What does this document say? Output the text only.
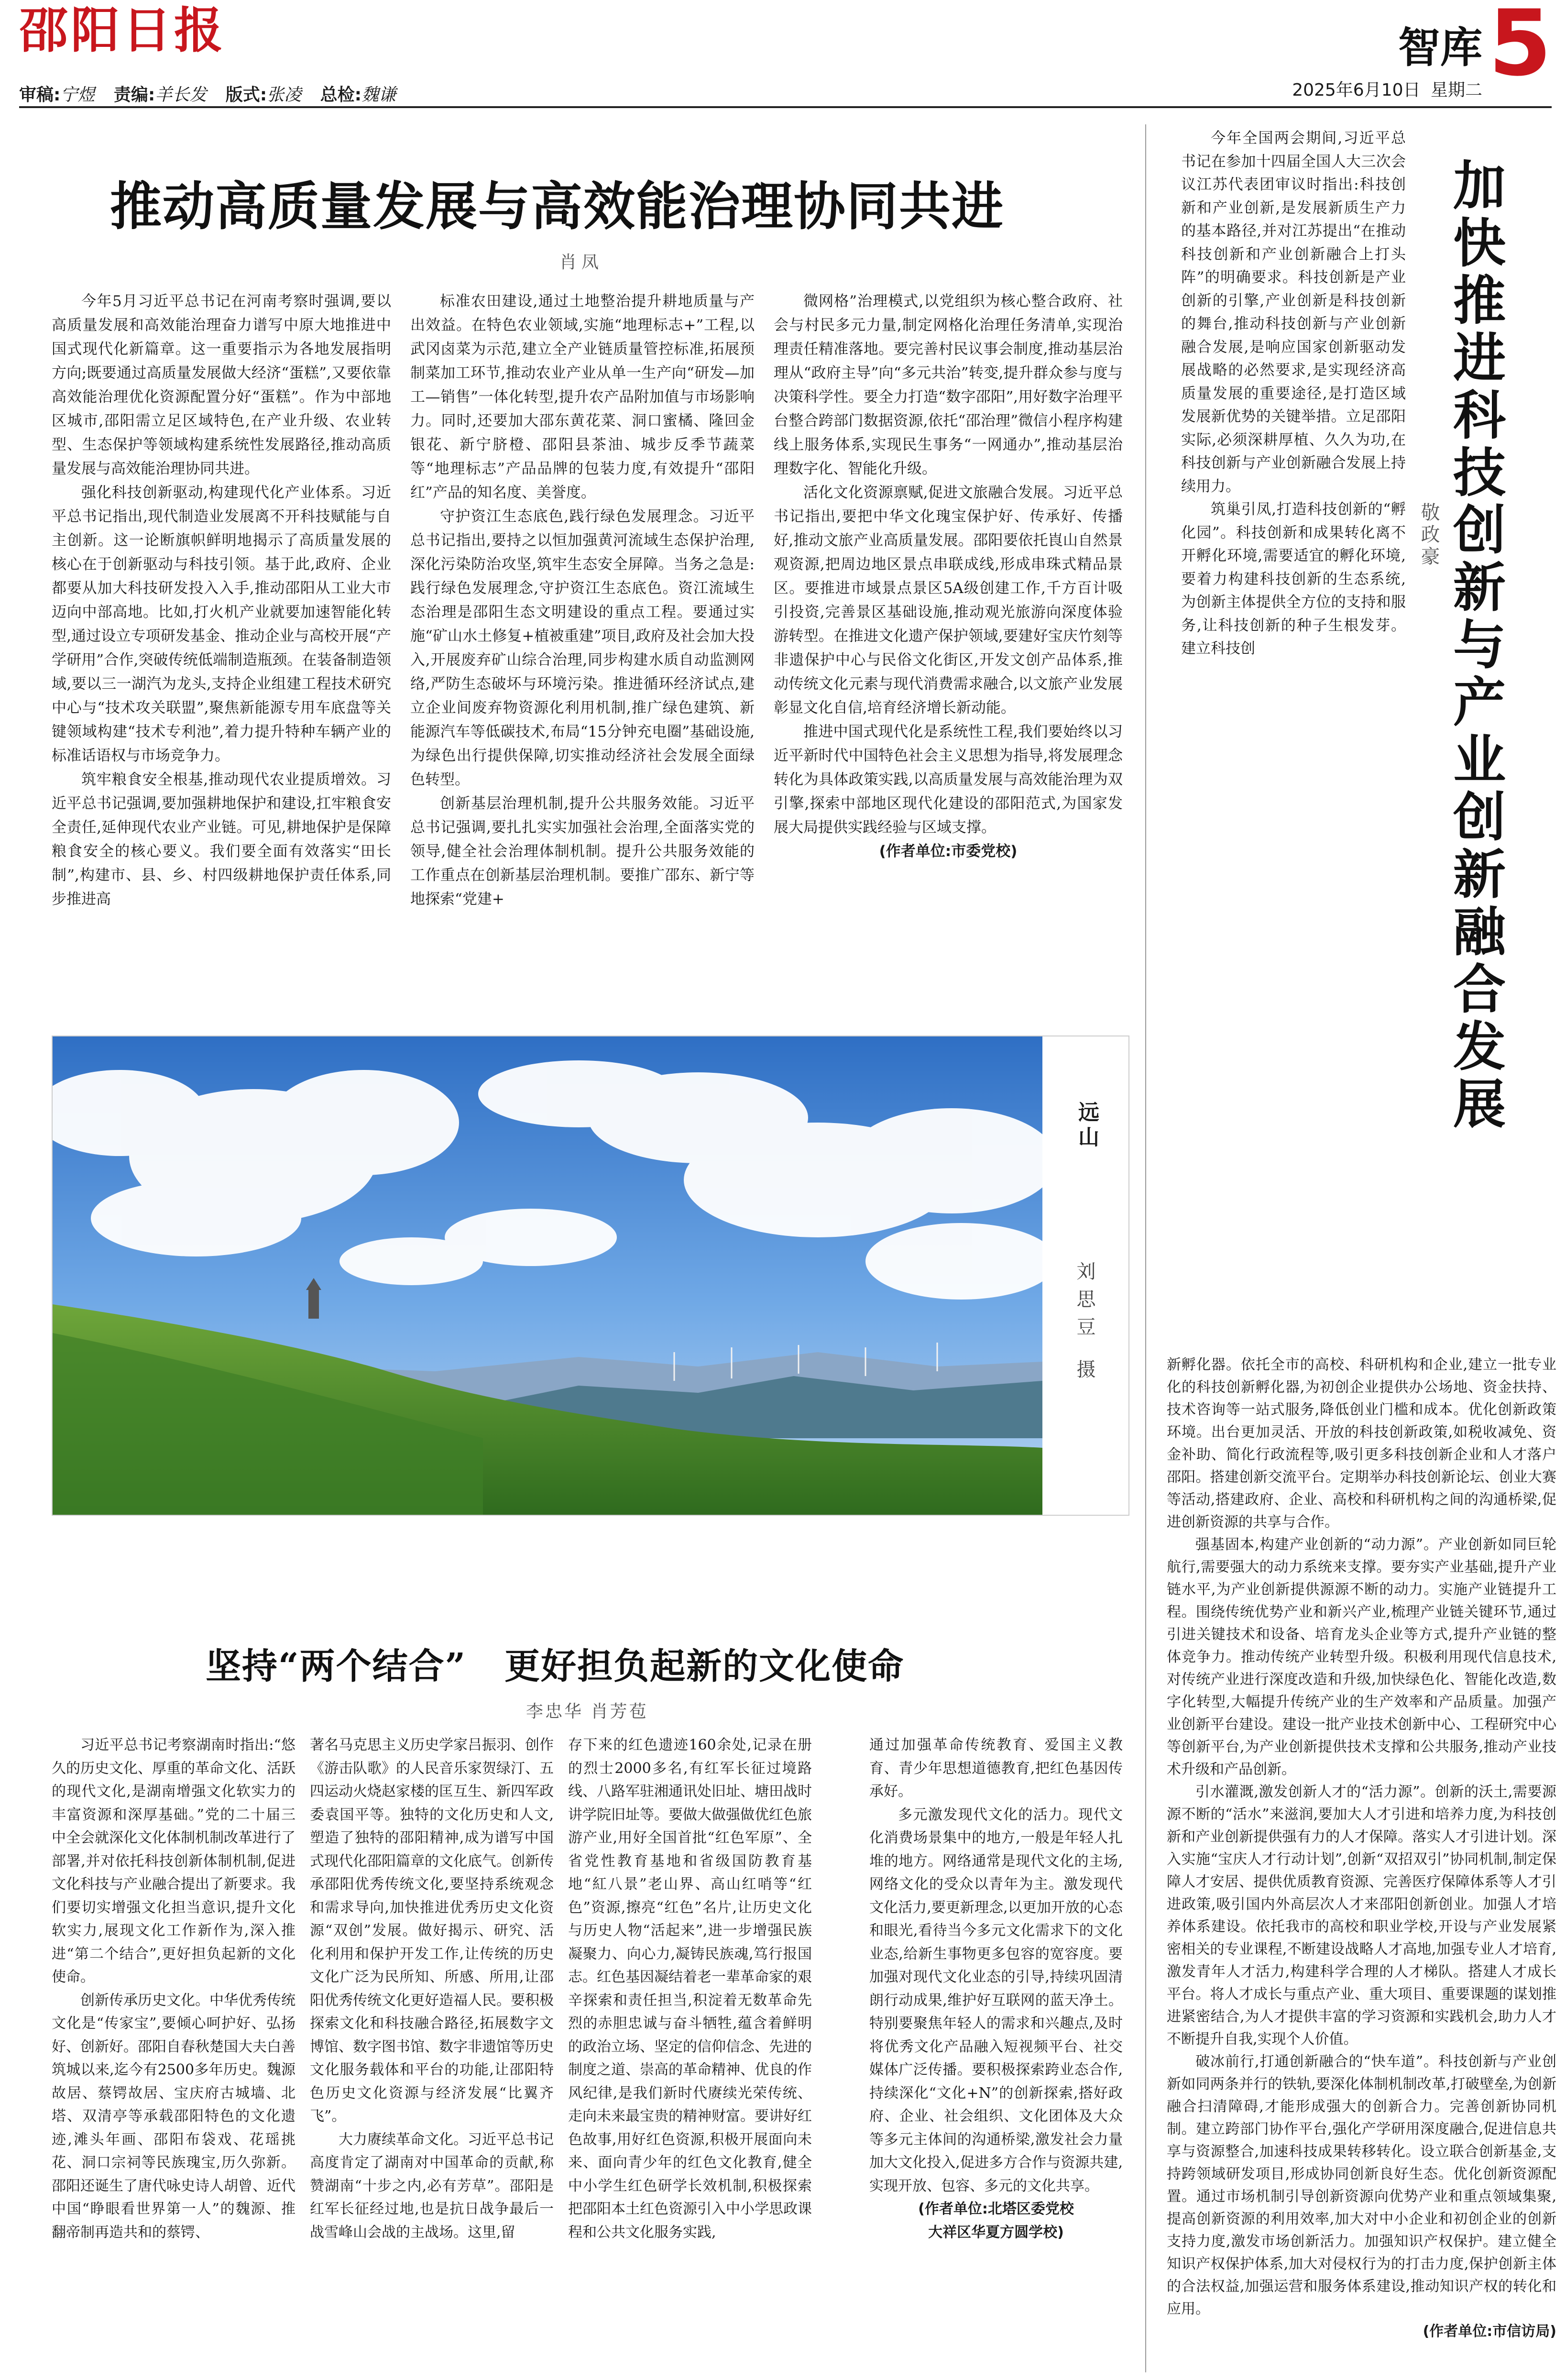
邵阳日报	智库 5
2025年6月10日 星期二
审稿:宁煜 责编:羊长发 版式:张凌 总检:魏谦
推动高质量发展与高效能治理协同共进
肖凤

今年5月习近平总书记在河南考察时强调,要以高质量发展和高效能治理奋力谱写中原大地推进中国式现代化新篇章。这一重要指示为各地发展指明方向;既要通过高质量发展做大经济“蛋糕”,又要依靠高效能治理优化资源配置分好“蛋糕”。作为中部地区城市,邵阳需立足区域特色,在产业升级、农业转型、生态保护等领域构建系统性发展路径,推动高质量发展与高效能治理协同共进。

强化科技创新驱动,构建现代化产业体系。习近平总书记指出,现代制造业发展离不开科技赋能与自主创新。这一论断旗帜鲜明地揭示了高质量发展的核心在于创新驱动与科技引领。基于此,政府、企业都要从加大科技研发投入入手,推动邵阳从工业大市迈向中部高地。比如,打火机产业就要加速智能化转型,通过设立专项研发基金、推动企业与高校开展“产学研用”合作,突破传统低端制造瓶颈。在装备制造领域,要以三一湖汽为龙头,支持企业组建工程技术研究中心与“技术攻关联盟”,聚焦新能源专用车底盘等关键领域构建“技术专利池”,着力提升特种车辆产业的标准话语权与市场竞争力。

筑牢粮食安全根基,推动现代农业提质增效。习近平总书记强调,要加强耕地保护和建设,扛牢粮食安全责任,延伸现代农业产业链。可见,耕地保护是保障粮食安全的核心要义。我们要全面有效落实“田长制”,构建市、县、乡、村四级耕地保护责任体系,同步推进高

标准农田建设,通过土地整治提升耕地质量与产出效益。在特色农业领域,实施“地理标志+”工程,以武冈卤菜为示范,建立全产业链质量管控标准,拓展预制菜加工环节,推动农业产业从单一生产向“研发—加工—销售”一体化转型,提升农产品附加值与市场影响力。同时,还要加大邵东黄花菜、洞口蜜橘、隆回金银花、新宁脐橙、邵阳县茶油、城步反季节蔬菜等“地理标志”产品品牌的包装力度,有效提升“邵阳红”产品的知名度、美誉度。

守护资江生态底色,践行绿色发展理念。习近平总书记指出,要持之以恒加强黄河流域生态保护治理,深化污染防治攻坚,筑牢生态安全屏障。当务之急是:践行绿色发展理念,守护资江生态底色。资江流域生态治理是邵阳生态文明建设的重点工程。要通过实施“矿山水土修复+植被重建”项目,政府及社会加大投入,开展废弃矿山综合治理,同步构建水质自动监测网络,严防生态破坏与环境污染。推进循环经济试点,建立企业间废弃物资源化利用机制,推广绿色建筑、新能源汽车等低碳技术,布局“15分钟充电圈”基础设施,为绿色出行提供保障,切实推动经济社会发展全面绿色转型。

创新基层治理机制,提升公共服务效能。习近平总书记强调,要扎扎实实加强社会治理,全面落实党的领导,健全社会治理体制机制。提升公共服务效能的工作重点在创新基层治理机制。要推广邵东、新宁等地探索“党建+

微网格”治理模式,以党组织为核心整合政府、社会与村民多元力量,制定网格化治理任务清单,实现治理责任精准落地。要完善村民议事会制度,推动基层治理从“政府主导”向“多元共治”转变,提升群众参与度与决策科学性。要全力打造“数字邵阳”,用好数字治理平台整合跨部门数据资源,依托“邵治理”微信小程序构建线上服务体系,实现民生事务“一网通办”,推动基层治理数字化、智能化升级。

活化文化资源禀赋,促进文旅融合发展。习近平总书记指出,要把中华文化瑰宝保护好、传承好、传播好,推动文旅产业高质量发展。邵阳要依托崀山自然景观资源,把周边地区景点串联成线,形成串珠式精品景区。要推进市域景点景区5A级创建工作,千方百计吸引投资,完善景区基础设施,推动观光旅游向深度体验游转型。在推进文化遗产保护领域,要建好宝庆竹刻等非遗保护中心与民俗文化街区,开发文创产品体系,推动传统文化元素与现代消费需求融合,以文旅产业发展彰显文化自信,培育经济增长新动能。

推进中国式现代化是系统性工程,我们要始终以习近平新时代中国特色社会主义思想为指导,将发展理念转化为具体政策实践,以高质量发展与高效能治理为双引擎,探索中部地区现代化建设的邵阳范式,为国家发展大局提供实践经验与区域支撑。

(作者单位:市委党校)

远山
刘思豆 摄
坚持“两个结合” 更好担负起新的文化使命
李忠华 肖芳苞

习近平总书记考察湖南时指出:“悠久的历史文化、厚重的革命文化、活跃的现代文化,是湖南增强文化软实力的丰富资源和深厚基础。”党的二十届三中全会就深化文化体制机制改革进行了部署,并对依托科技创新体制机制,促进文化科技与产业融合提出了新要求。我们要切实增强文化担当意识,提升文化软实力,展现文化工作新作为,深入推进“第二个结合”,更好担负起新的文化使命。

创新传承历史文化。中华优秀传统文化是“传家宝”,要倾心呵护好、弘扬好、创新好。邵阳自春秋楚国大夫白善筑城以来,迄今有2500多年历史。魏源故居、蔡锷故居、宝庆府古城墙、北塔、双清亭等承载邵阳特色的文化遗迹,滩头年画、邵阳布袋戏、花瑶挑花、洞口宗祠等民族瑰宝,历久弥新。邵阳还诞生了唐代咏史诗人胡曾、近代中国“睁眼看世界第一人”的魏源、推翻帝制再造共和的蔡锷、

著名马克思主义历史学家吕振羽、创作《游击队歌》的人民音乐家贺绿汀、五四运动火烧赵家楼的匡互生、新四军政委袁国平等。独特的文化历史和人文,塑造了独特的邵阳精神,成为谱写中国式现代化邵阳篇章的文化底气。创新传承邵阳优秀传统文化,要坚持系统观念和需求导向,加快推进优秀历史文化资源“双创”发展。做好揭示、研究、活化利用和保护开发工作,让传统的历史文化广泛为民所知、所感、所用,让邵阳优秀传统文化更好造福人民。要积极探索文化和科技融合路径,拓展数字文博馆、数字图书馆、数字非遗馆等历史文化服务载体和平台的功能,让邵阳特色历史文化资源与经济发展“比翼齐飞”。

大力赓续革命文化。习近平总书记高度肯定了湖南对中国革命的贡献,称赞湖南“十步之内,必有芳草”。邵阳是红军长征经过地,也是抗日战争最后一战雪峰山会战的主战场。这里,留

存下来的红色遗迹160余处,记录在册的烈士2000多名,有红军长征过境路线、八路军驻湘通讯处旧址、塘田战时讲学院旧址等。要做大做强做优红色旅游产业,用好全国首批“红色军原”、全省党性教育基地和省级国防教育基地“紅八景”老山界、高山红哨等“红色”资源,擦亮“红色”名片,让历史文化与历史人物“活起来”,进一步增强民族凝聚力、向心力,凝铸民族魂,笃行报国志。红色基因凝结着老一辈革命家的艰辛探索和责任担当,积淀着无数革命先烈的赤胆忠诚与奋斗牺牲,蕴含着鲜明的政治立场、坚定的信仰信念、先进的制度之道、崇高的革命精神、优良的作风纪律,是我们新时代赓续光荣传统、走向未来最宝贵的精神财富。要讲好红色故事,用好红色资源,积极开展面向未来、面向青少年的红色文化教育,健全中小学生红色研学长效机制,积极探索把邵阳本土红色资源引入中小学思政课程和公共文化服务实践,

通过加强革命传统教育、爱国主义教育、青少年思想道德教育,把红色基因传承好。

多元激发现代文化的活力。现代文化消费场景集中的地方,一般是年轻人扎堆的地方。网络通常是现代文化的主场,网络文化的受众以青年为主。激发现代文化活力,要更新理念,以更加开放的心态和眼光,看待当今多元文化需求下的文化业态,给新生事物更多包容的宽容度。要加强对现代文化业态的引导,持续巩固清朗行动成果,维护好互联网的蓝天净土。特别要聚焦年轻人的需求和兴趣点,及时将优秀文化产品融入短视频平台、社交媒体广泛传播。要积极探索跨业态合作,持续深化“文化+N”的创新探索,搭好政府、企业、社会组织、文化团体及大众等多元主体间的沟通桥梁,激发社会力量加大文化投入,促进多方合作与资源共建,实现开放、包容、多元的文化共享。

(作者单位:北塔区委党校

大祥区华夏方圆学校)

今年全国两会期间,习近平总书记在参加十四届全国人大三次会议江苏代表团审议时指出:科技创新和产业创新,是发展新质生产力的基本路径,并对江苏提出“在推动科技创新和产业创新融合上打头阵”的明确要求。科技创新是产业创新的引擎,产业创新是科技创新的舞台,推动科技创新与产业创新融合发展,是响应国家创新驱动发展战略的必然要求,是实现经济高质量发展的重要途径,是打造区域发展新优势的关键举措。立足邵阳实际,必须深耕厚植、久久为功,在科技创新与产业创新融合发展上持续用力。

筑巢引凤,打造科技创新的“孵化园”。科技创新和成果转化离不开孵化环境,需要适宜的孵化环境,要着力构建科技创新的生态系统,为创新主体提供全方位的支持和服务,让科技创新的种子生根发芽。建立科技创	加快推进科技创新与产业创新融合发展
敬政豪

新孵化器。依托全市的高校、科研机构和企业,建立一批专业化的科技创新孵化器,为初创企业提供办公场地、资金扶持、技术咨询等一站式服务,降低创业门槛和成本。优化创新政策环境。出台更加灵活、开放的科技创新政策,如税收减免、资金补助、简化行政流程等,吸引更多科技创新企业和人才落户邵阳。搭建创新交流平台。定期举办科技创新论坛、创业大赛等活动,搭建政府、企业、高校和科研机构之间的沟通桥梁,促进创新资源的共享与合作。

强基固本,构建产业创新的“动力源”。产业创新如同巨轮航行,需要强大的动力系统来支撑。要夯实产业基础,提升产业链水平,为产业创新提供源源不断的动力。实施产业链提升工程。围绕传统优势产业和新兴产业,梳理产业链关键环节,通过引进关键技术和设备、培育龙头企业等方式,提升产业链的整体竞争力。推动传统产业转型升级。积极利用现代信息技术,对传统产业进行深度改造和升级,加快绿色化、智能化改造,数字化转型,大幅提升传统产业的生产效率和产品质量。加强产业创新平台建设。建设一批产业技术创新中心、工程研究中心等创新平台,为产业创新提供技术支撑和公共服务,推动产业技术升级和产品创新。

引水灌溉,激发创新人才的“活力源”。创新的沃土,需要源源不断的“活水”来滋润,要加大人才引进和培养力度,为科技创新和产业创新提供强有力的人才保障。落实人才引进计划。深入实施“宝庆人才行动计划”,创新“双招双引”协同机制,制定保障人才安居、提供优质教育资源、完善医疗保障体系等人才引进政策,吸引国内外高层次人才来邵阳创新创业。加强人才培养体系建设。依托我市的高校和职业学校,开设与产业发展紧密相关的专业课程,不断建设战略人才高地,加强专业人才培育,激发青年人才活力,构建科学合理的人才梯队。搭建人才成长平台。将人才成长与重点产业、重大项目、重要课题的谋划推进紧密结合,为人才提供丰富的学习资源和实践机会,助力人才不断提升自我,实现个人价值。

破冰前行,打通创新融合的“快车道”。科技创新与产业创新如同两条并行的铁轨,要深化体制机制改革,打破壁垒,为创新融合扫清障碍,才能形成强大的创新合力。完善创新协同机制。建立跨部门协作平台,强化产学研用深度融合,促进信息共享与资源整合,加速科技成果转移转化。设立联合创新基金,支持跨领域研发项目,形成协同创新良好生态。优化创新资源配置。通过市场机制引导创新资源向优势产业和重点领域集聚,提高创新资源的利用效率,加大对中小企业和初创企业的创新支持力度,激发市场创新活力。加强知识产权保护。建立健全知识产权保护体系,加大对侵权行为的打击力度,保护创新主体的合法权益,加强运营和服务体系建设,推动知识产权的转化和应用。

(作者单位:市信访局)
